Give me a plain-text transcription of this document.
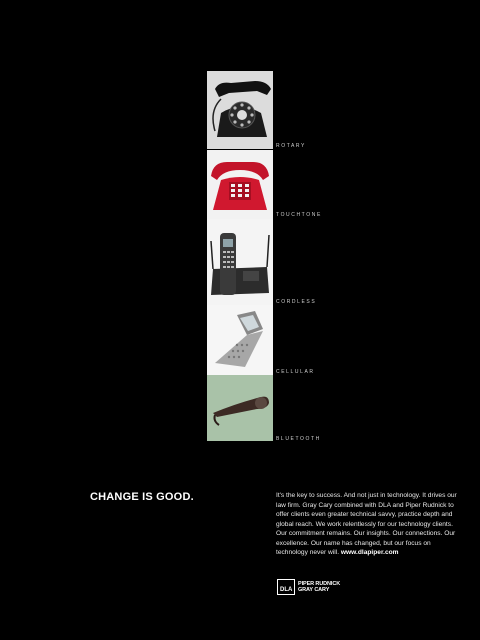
ROTARY
TOUCHTONE
CORDLESS
CELLULAR
BLUETOOTH
CHANGE IS GOOD.	It's the key to success. And not just in technology. It drives our law firm. Gray Cary combined with DLA and Piper Rudnick to offer clients even greater technical savvy, practice depth and global reach. We work relentlessly for our technology clients. Our commitment remains. Our insights. Our connections. Our excellence. Our name has changed, but our focus on technology never will. www.dlapiper.com

DLA
PIPER RUDNICK
GRAY CARY
